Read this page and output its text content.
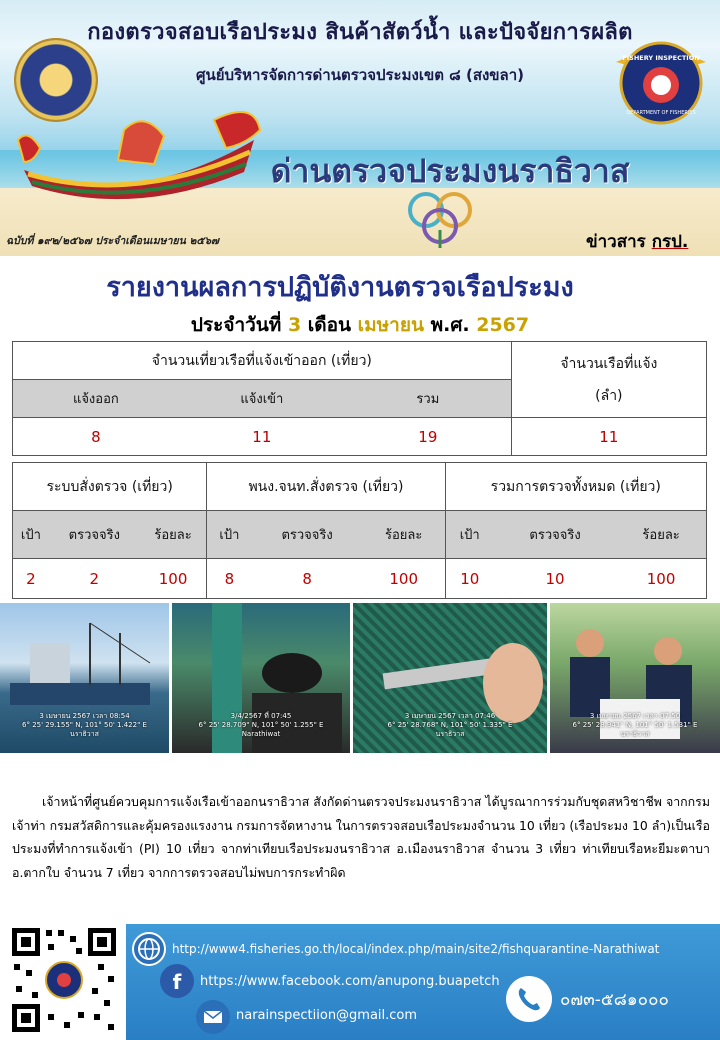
กองตรวจสอบเรือประมง สินค้าสัตว์น้ำ และปัจจัยการผลิต
ศูนย์บริหารจัดการด่านตรวจประมงเขต ๘ (สงขลา)
FISHERY INSPECTION
DEPARTMENT OF FISHERIES
ด่านตรวจประมงนราธิวาส
ฉบับที่ ๑๙๒/๒๕๖๗ ประจำเดือนเมษายน ๒๕๖๗	ข่าวสาร กรป.
รายงานผลการปฏิบัติงานตรวจเรือประมง
ประจำวันที่ 3 เดือน เมษายน พ.ศ. 2567
จำนวนเที่ยวเรือที่แจ้งเข้าออก (เที่ยว)			จำนวนเรือที่แจ้ง
(ลำ)

แจ้งออก	แจ้งเข้า	รวม	
8	11	19	11
ระบบสั่งตรวจ (เที่ยว)			พนง.จนท.สั่งตรวจ (เที่ยว)			รวมการตรวจทั้งหมด (เที่ยว)		
เป้า	ตรวจจริง	ร้อยละ	เป้า	ตรวจจริง	ร้อยละ	เป้า	ตรวจจริง	ร้อยละ
2	2	100	8	8	100	10	10	100
3 เมษายน 2567 เวลา 08:54
6° 25' 29.155" N, 101° 50' 1.422" E
นราธิวาส
3/4/2567 ที่ 07:45
6° 25' 28.709" N, 101° 50' 1.255" E
Narathiwat
3 เมษายน 2567 เวลา 07:46
6° 25' 28.768" N, 101° 50' 1.335" E
นราธิวาส
3 เมษายน 2567 เวลา 07:50
6° 25' 28.941" N, 101° 50' 1.531" E
นราธิวาส
เจ้าหน้าที่ศูนย์ควบคุมการแจ้งเรือเข้าออกนราธิวาส สังกัดด่านตรวจประมงนราธิวาส ได้บูรณาการร่วมกับชุดสหวิชาชีพ จากกรมเจ้าท่า กรมสวัสดิการและคุ้มครองแรงงาน กรมการจัดหางาน ในการตรวจสอบเรือประมงจำนวน 10 เที่ยว (เรือประมง 10 ลำ)เป็นเรือประมงที่ทำการแจ้งเข้า (PI) 10 เที่ยว จากท่าเทียบเรือประมงนราธิวาส อ.เมืองนราธิวาส จำนวน 3 เที่ยว ท่าเทียบเรือหะยีมะตาบา อ.ตากใบ จำนวน 7 เที่ยว จากการตรวจสอบไม่พบการกระทำผิด
http://www4.fisheries.go.th/local/index.php/main/site2/fishquarantine-Narathiwat
f https://www.facebook.com/anupong.buapetch
narainspectiion@gmail.com
๐๗๓-๕๘๑๐๐๐
